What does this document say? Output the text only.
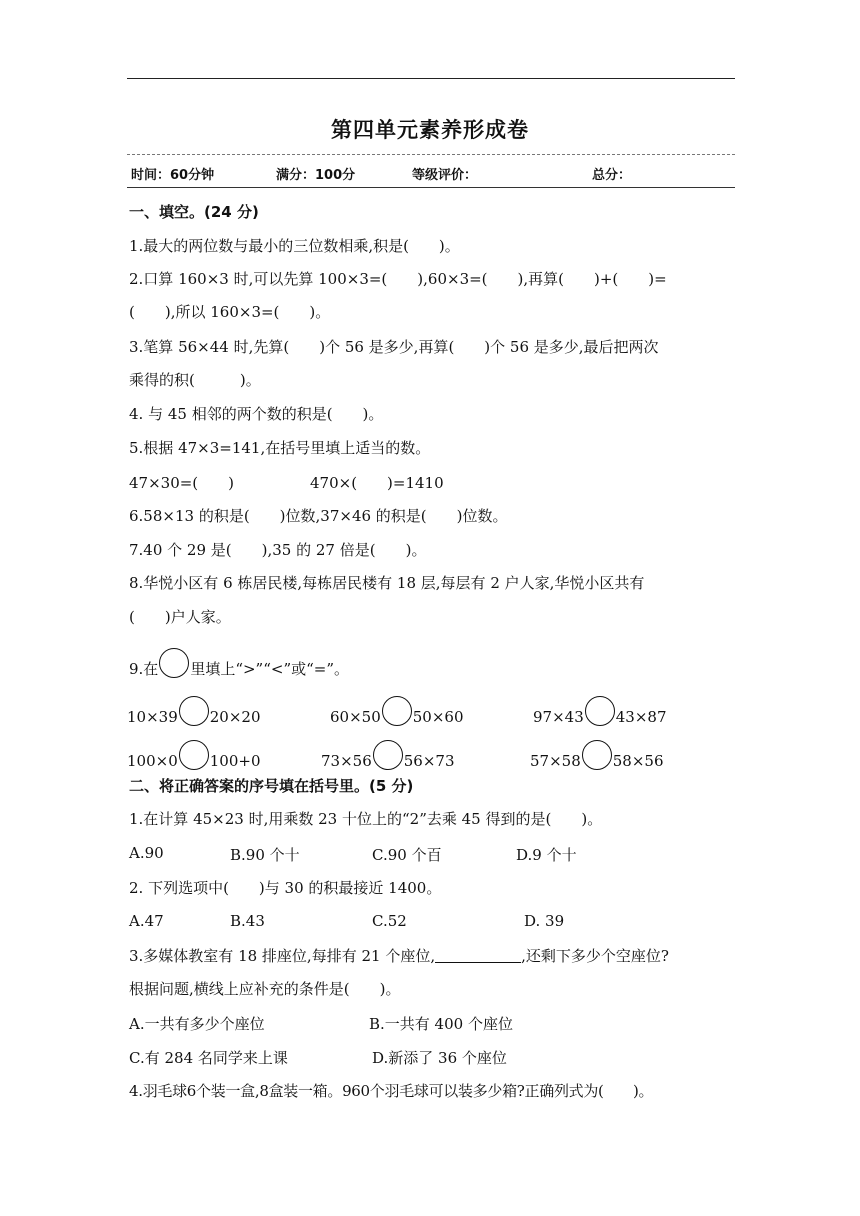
第四单元素养形成卷
时间：60分钟	满分：100分	等级评价：	总分：
一、填空。(24 分)
1.最大的两位数与最小的三位数相乘,积是(　　)。
2.口算 160×3 时,可以先算 100×3=(　　),60×3=(　　),再算(　　)+(　　)=
(　　),所以 160×3=(　　)。
3.笔算 56×44 时,先算(　　)个 56 是多少,再算(　　)个 56 是多少,最后把两次
乘得的积(　　　)。
4. 与 45 相邻的两个数的积是(　　)。
5.根据 47×3=141,在括号里填上适当的数。
47×30=(　　)	470×(　　)=1410
6.58×13 的积是(　　)位数,37×46 的积是(　　)位数。
7.40 个 29 是(　　),35 的 27 倍是(　　)。
8.华悦小区有 6 栋居民楼,每栋居民楼有 18 层,每层有 2 户人家,华悦小区共有
(　　)户人家。
9.在 里填上“>”“<”或“=”。
10×39 20×20	60×50 50×60	97×43 43×87
100×0 100+0	73×56 56×73	57×58 58×56
二、将正确答案的序号填在括号里。(5 分)
1.在计算 45×23 时,用乘数 23 十位上的“2”去乘 45 得到的是(　　)。
A.90	B.90 个十	C.90 个百	D.9 个十
2. 下列选项中(　　)与 30 的积最接近 1400。
A.47	B.43	C.52	D. 39
3.多媒体教室有 18 排座位,每排有 21 个座位,	,还剩下多少个空座位?
根据问题,横线上应补充的条件是(　　)。
A.一共有多少个座位	B.一共有 400 个座位
C.有 284 名同学来上课	D.新添了 36 个座位
4.羽毛球6个装一盒,8盒装一箱。960个羽毛球可以装多少箱?正确列式为(　　)。
